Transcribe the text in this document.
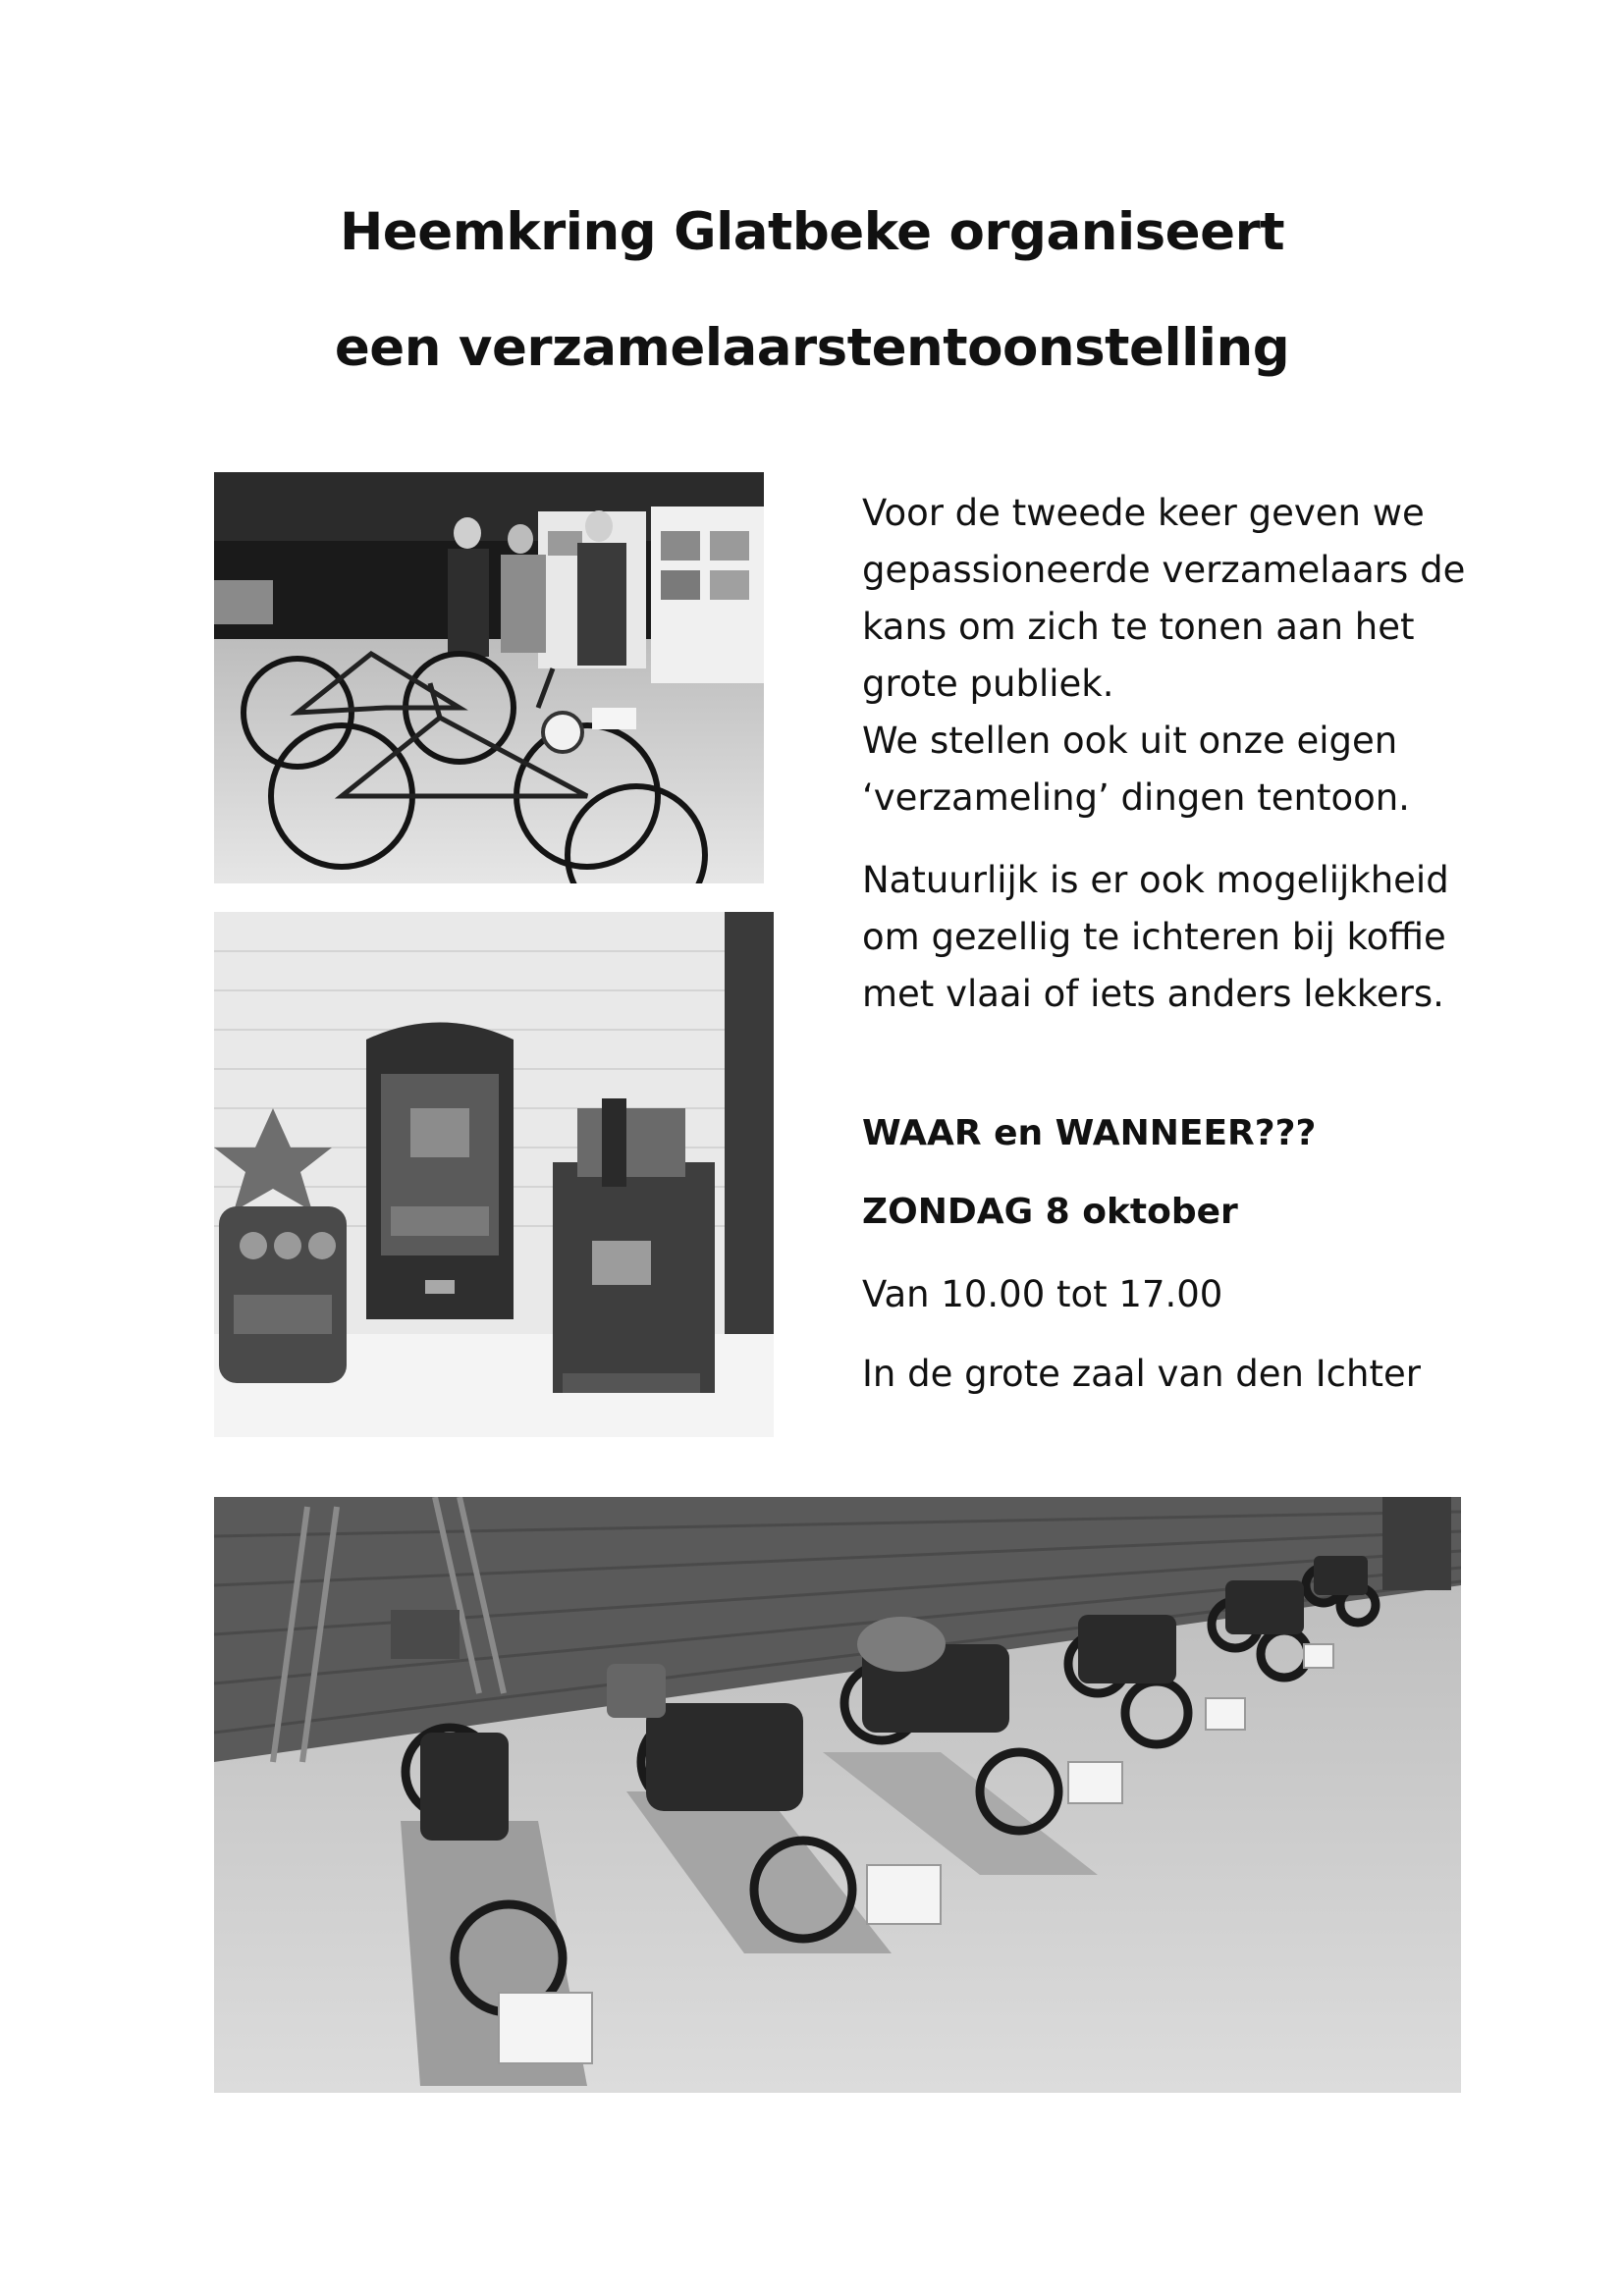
Heemkring Glatbeke organiseert
een verzamelaarstentoonstelling

Voor de tweede keer geven we

gepassioneerde verzamelaars de

kans om zich te tonen aan het

grote publiek.

We stellen ook uit onze eigen

‘verzameling’ dingen tentoon.

Natuurlijk is er ook mogelijkheid

om gezellig te ichteren bij koffie

met vlaai of iets anders lekkers.

WAAR en WANNEER???
ZONDAG 8 oktober
Van 10.00 tot 17.00
In de grote zaal van den Ichter
